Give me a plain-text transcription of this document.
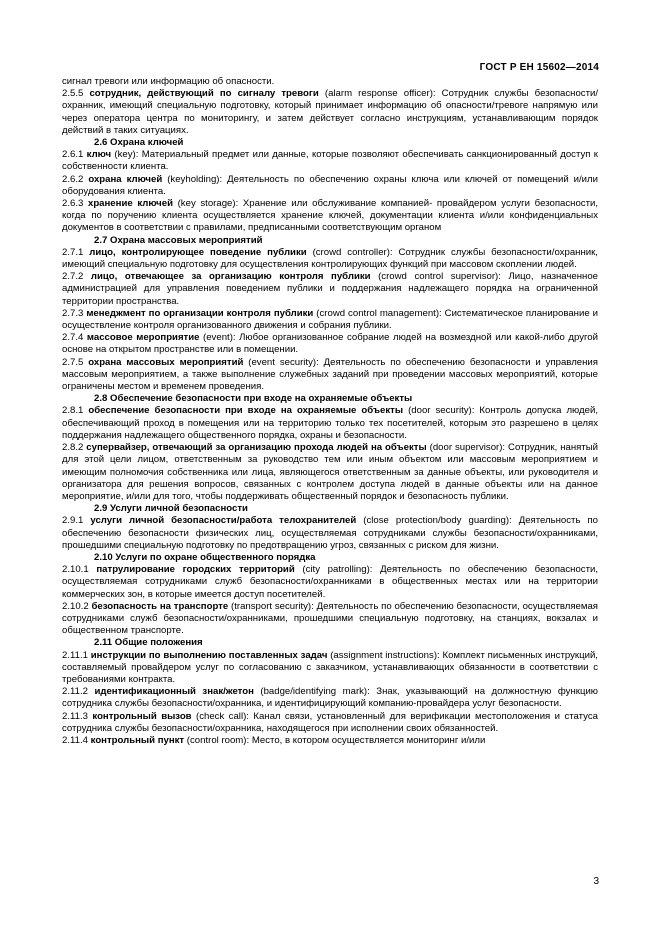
ГОСТ Р ЕН 15602—2014

сигнал тревоги или информацию об опасности.

2.5.5 сотрудник, действующий по сигналу тревоги (alarm response officer): Сотрудник службы безопасности/охранник, имеющий специальную подготовку, который принимает информацию об опасности/тревоге напрямую или через оператора центра по мониторингу, и затем действует согласно инструкциям, устанавливающим порядок действий в таких ситуациях.

2.6 Охрана ключей

2.6.1 ключ (key): Материальный предмет или данные, которые позволяют обеспечивать санкционированный доступ к собственности клиента.

2.6.2 охрана ключей (keyholding): Деятельность по обеспечению охраны ключа или ключей от помещений и/или оборудования клиента.

2.6.3 хранение ключей (key storage): Хранение или обслуживание компанией- провайдером услуги безопасности, когда по поручению клиента осуществляется хранение ключей, документации клиента и/или конфиденциальных документов в соответствии с правилами, предписанными соответствующим органом

2.7 Охрана массовых мероприятий

2.7.1 лицо, контролирующее поведение публики (crowd controller): Сотрудник службы безопасности/охранник, имеющий специальную подготовку для осуществления контролирующих функций при массовом скоплении людей.

2.7.2 лицо, отвечающее за организацию контроля публики (crowd control supervisor): Лицо, назначенное администрацией для управления поведением публики и поддержания надлежащего порядка на ограниченной территории пространства.

2.7.3 менеджмент по организации контроля публики (crowd control management): Систематическое планирование и осуществление контроля организованного движения и собрания публики.

2.7.4 массовое мероприятие (event): Любое организованное собрание людей на возмездной или какой-либо другой основе на открытом пространстве или в помещении.

2.7.5 охрана массовых мероприятий (event security): Деятельность по обеспечению безопасности и управления массовым мероприятием, а также выполнение служебных заданий при проведении массовых мероприятий, которые ограничены местом и временем проведения.

2.8 Обеспечение безопасности при входе на охраняемые объекты

2.8.1 обеспечение безопасности при входе на охраняемые объекты (door security): Контроль допуска людей, обеспечивающий проход в помещения или на территорию только тех посетителей, которым это разрешено в целях поддержания надлежащего общественного порядка, охраны и безопасности.

2.8.2 супервайзер, отвечающий за организацию прохода людей на объекты (door supervisor): Сотрудник, нанятый для этой цели лицом, ответственным за руководство тем или иным объектом или массовым мероприятием и имеющим полномочия собственника или лица, являющегося ответственным за данные объекты, или руководителя и организатора для решения вопросов, связанных с контролем доступа людей в данные объекты или на данное мероприятие, и/или для того, чтобы поддерживать общественный порядок и безопасность публики.

2.9 Услуги личной безопасности

2.9.1 услуги личной безопасности/работа телохранителей (close protection/body guarding): Деятельность по обеспечению безопасности физических лиц, осуществляемая сотрудниками службы безопасности/охранниками, прошедшими специальную подготовку по предотвращению угроз, связанных с риском для жизни.

2.10 Услуги по охране общественного порядка

2.10.1 патрулирование городских территорий (city patrolling): Деятельность по обеспечению безопасности, осуществляемая сотрудниками служб безопасности/охранниками в общественных местах или на территории коммерческих зон, в которые имеется доступ посетителей.

2.10.2 безопасность на транспорте (transport security): Деятельность по обеспечению безопасности, осуществляемая сотрудниками служб безопасности/охранниками, прошедшими специальную подготовку, на станциях, вокзалах и общественном транспорте.

2.11 Общие положения

2.11.1 инструкции по выполнению поставленных задач (assignment instructions): Комплект письменных инструкций, составляемый провайдером услуг по согласованию с заказчиком, устанавливающих обязанности в соответствии с требованиями контракта.

2.11.2 идентификационный знак/жетон (badge/identifying mark): Знак, указывающий на должностную функцию сотрудника службы безопасности/охранника, и идентифицирующий компанию-провайдера услуг безопасности.

2.11.3 контрольный вызов (check call): Канал связи, установленный для верификации местоположения и статуса сотрудника службы безопасности/охранника, находящегося при исполнении своих обязанностей.

2.11.4 контрольный пункт (control room): Место, в котором осуществляется мониторинг и/или

3
